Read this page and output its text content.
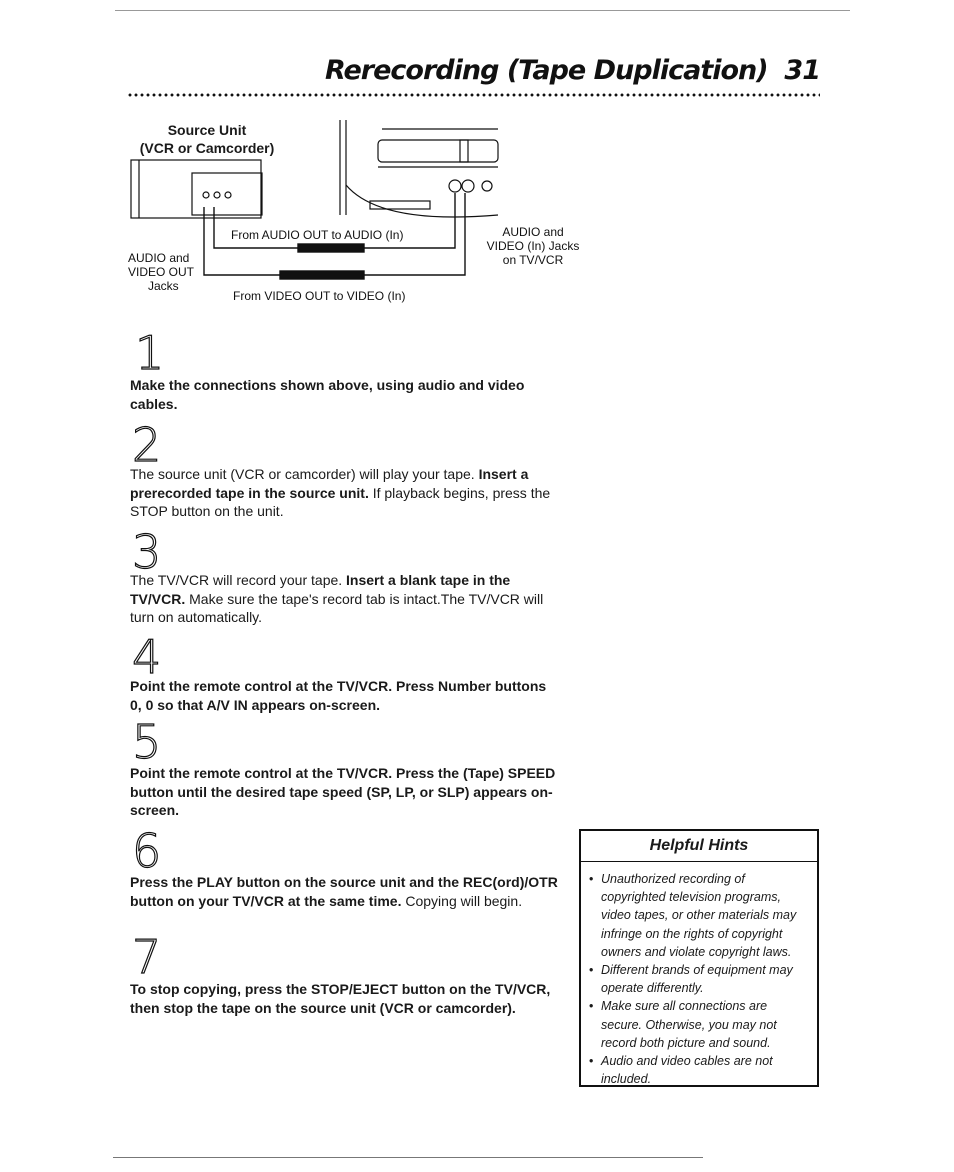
Rerecording (Tape Duplication) 31
Source Unit
(VCR or Camcorder)
From AUDIO OUT to AUDIO (In)
From VIDEO OUT to VIDEO (In)
AUDIO and
VIDEO OUT
Jacks
AUDIO and
VIDEO (In) Jacks
on TV/VCR
1
Make the connections shown above, using audio and video cables.
2
The source unit (VCR or camcorder) will play your tape. Insert a prerecorded tape in the source unit. If playback begins, press the STOP button on the unit.
3
The TV/VCR will record your tape. Insert a blank tape in the TV/VCR. Make sure the tape's record tab is intact.The TV/VCR will turn on automatically.
4
Point the remote control at the TV/VCR. Press Number buttons 0, 0 so that A/V IN appears on-screen.
5
Point the remote control at the TV/VCR. Press the (Tape) SPEED button until the desired tape speed (SP, LP, or SLP) appears on-screen.
6
Press the PLAY button on the source unit and the REC(ord)/OTR button on your TV/VCR at the same time. Copying will begin.
7
To stop copying, press the STOP/EJECT button on the TV/VCR, then stop the tape on the source unit (VCR or camcorder).
Helpful Hints
• Unauthorized recording of copyrighted television programs, video tapes, or other materials may infringe on the rights of copyright owners and violate copyright laws.
• Different brands of equipment may operate differently.
• Make sure all connections are secure. Otherwise, you may not record both picture and sound.
• Audio and video cables are not included.
